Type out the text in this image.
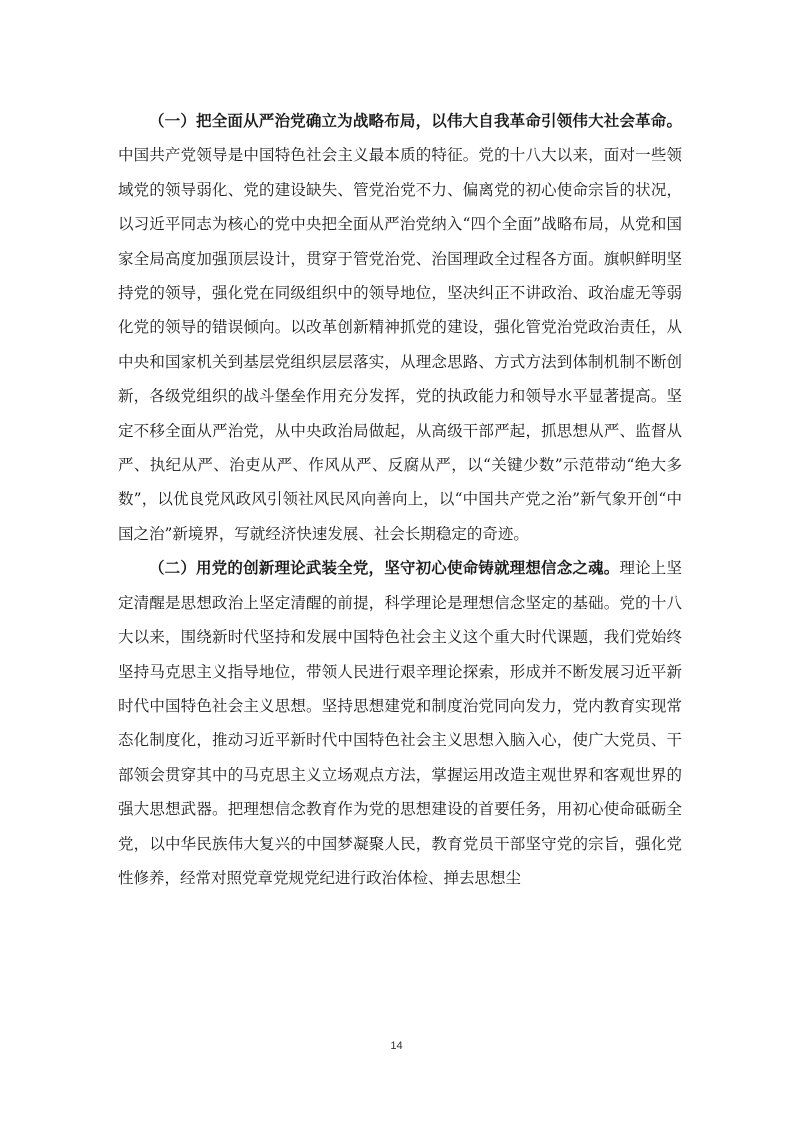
（一）把全面从严治党确立为战略布局，以伟大自我革命引领伟大社会革命。中国共产党领导是中国特色社会主义最本质的特征。党的十八大以来，面对一些领域党的领导弱化、党的建设缺失、管党治党不力、偏离党的初心使命宗旨的状况，以习近平同志为核心的党中央把全面从严治党纳入“四个全面”战略布局，从党和国家全局高度加强顶层设计，贯穿于管党治党、治国理政全过程各方面。旗帜鲜明坚持党的领导，强化党在同级组织中的领导地位，坚决纠正不讲政治、政治虚无等弱化党的领导的错误倾向。以改革创新精神抓党的建设，强化管党治党政治责任，从中央和国家机关到基层党组织层层落实，从理念思路、方式方法到体制机制不断创新，各级党组织的战斗堡垒作用充分发挥，党的执政能力和领导水平显著提高。坚定不移全面从严治党，从中央政治局做起，从高级干部严起，抓思想从严、监督从严、执纪从严、治吏从严、作风从严、反腐从严，以“关键少数”示范带动“绝大多数”，以优良党风政风引领社风民风向善向上，以“中国共产党之治”新气象开创“中国之治”新境界，写就经济快速发展、社会长期稳定的奇迹。

（二）用党的创新理论武装全党，坚守初心使命铸就理想信念之魂。理论上坚定清醒是思想政治上坚定清醒的前提，科学理论是理想信念坚定的基础。党的十八大以来，围绕新时代坚持和发展中国特色社会主义这个重大时代课题，我们党始终坚持马克思主义指导地位，带领人民进行艰辛理论探索，形成并不断发展习近平新时代中国特色社会主义思想。坚持思想建党和制度治党同向发力，党内教育实现常态化制度化，推动习近平新时代中国特色社会主义思想入脑入心，使广大党员、干部领会贯穿其中的马克思主义立场观点方法，掌握运用改造主观世界和客观世界的强大思想武器。把理想信念教育作为党的思想建设的首要任务，用初心使命砥砺全党，以中华民族伟大复兴的中国梦凝聚人民，教育党员干部坚守党的宗旨，强化党性修养，经常对照党章党规党纪进行政治体检、掸去思想尘

14
